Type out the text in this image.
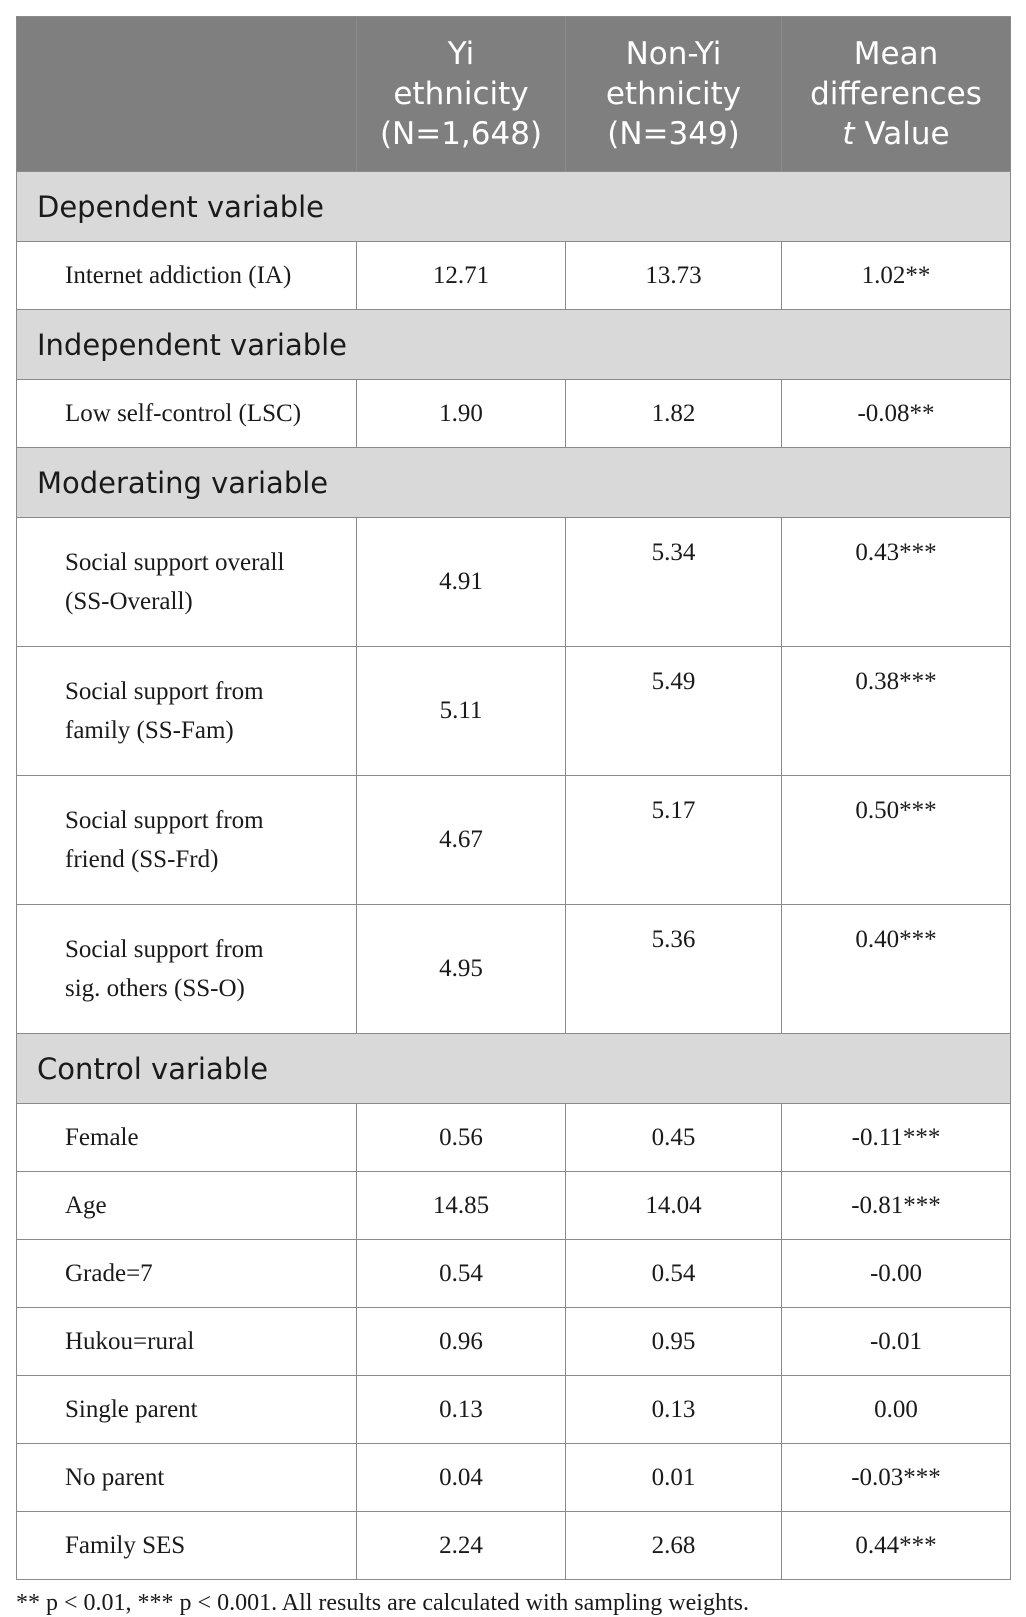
	Yi
ethnicity
(N=1,648)	Non-Yi
ethnicity
(N=349)	Mean
differences
t Value

Dependent variable			

Internet addiction (IA)	12.71	13.73	1.02**
Independent variable			

Low self-control (LSC)	1.90	1.82	-0.08**
Moderating variable			

Social support overall
(SS-Overall)	4.91	5.34	0.43***

Social support from
family (SS-Fam)	5.11	5.49	0.38***

Social support from
friend (SS-Frd)	4.67	5.17	0.50***

Social support from
sig. others (SS-O)	4.95	5.36	0.40***
Control variable			

Female	0.56	0.45	-0.11***

Age	14.85	14.04	-0.81***

Grade=7	0.54	0.54	-0.00

Hukou=rural	0.96	0.95	-0.01

Single parent	0.13	0.13	0.00

No parent	0.04	0.01	-0.03***

Family SES	2.24	2.68	0.44***
** p < 0.01, *** p < 0.001. All results are calculated with sampling weights.
